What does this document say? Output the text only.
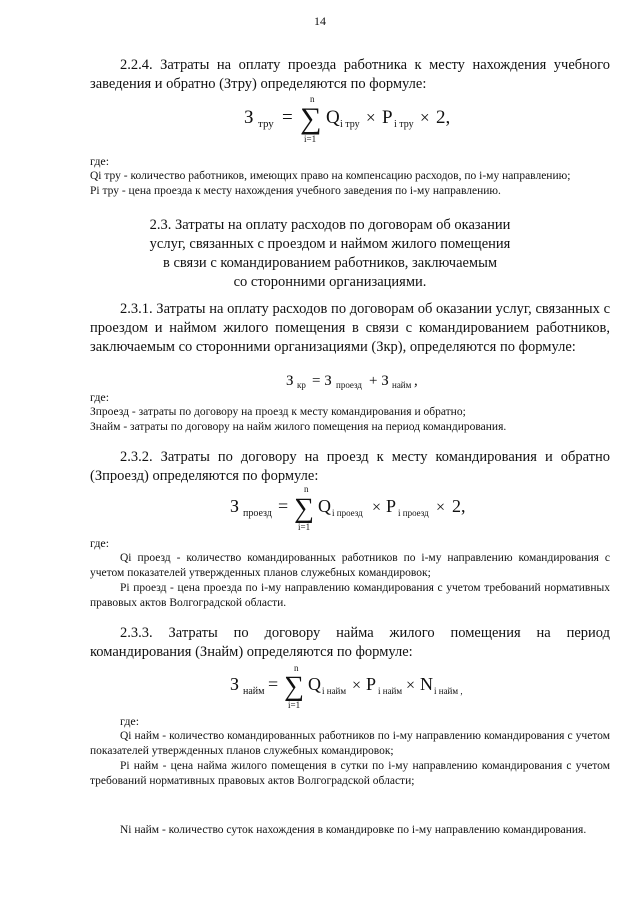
14
2.2.4. Затраты на оплату проезда работника к месту нахождения учебного заведения и обратно (Зтру) определяются по формуле:
З тру =
n
∑
i=1
Q i тру × P i тру × 2,

где:

Qi тру - количество работников, имеющих право на компенсацию расходов, по i-му направлению;

Pi тру - цена проезда к месту нахождения учебного заведения по i-му направлению.

2.3. Затраты на оплату расходов по договорам об оказании
услуг, связанных с проездом и наймом жилого помещения
в связи с командированием работников, заключаемым
со сторонними организациями.
2.3.1. Затраты на оплату расходов по договорам об оказании услуг, связанных с проездом и наймом жилого помещения в связи с командированием работников, заключаемым со сторонними организациями (Зкр), определяются по формуле:
З кр = З проезд + З найм ,

где:

Зпроезд - затраты по договору на проезд к месту командирования и обратно;

Знайм - затраты по договору на найм жилого помещения на период командирования.

2.3.2. Затраты по договору на проезд к месту командирования и обратно (Зпроезд) определяются по формуле:
З проезд =
n
∑
i=1
Q i проезд × P i проезд × 2,

где:

Qi проезд - количество командированных работников по i-му направлению командирования с учетом показателей утвержденных планов служебных командировок;

Pi проезд - цена проезда по i-му направлению командирования с учетом требований нормативных правовых актов Волгоградской области.

2.3.3. Затраты по договору найма жилого помещения на период командирования (Знайм) определяются по формуле:
З найм =
n
∑
i=1
Q i найм × P i найм × N i найм ,

где:

Qi найм - количество командированных работников по i-му направлению командирования с учетом показателей утвержденных планов служебных командировок;

Pi найм - цена найма жилого помещения в сутки по i-му направлению командирования с учетом требований нормативных правовых актов Волгоградской области;

Ni найм - количество суток нахождения в командировке по i-му направлению командирования.
